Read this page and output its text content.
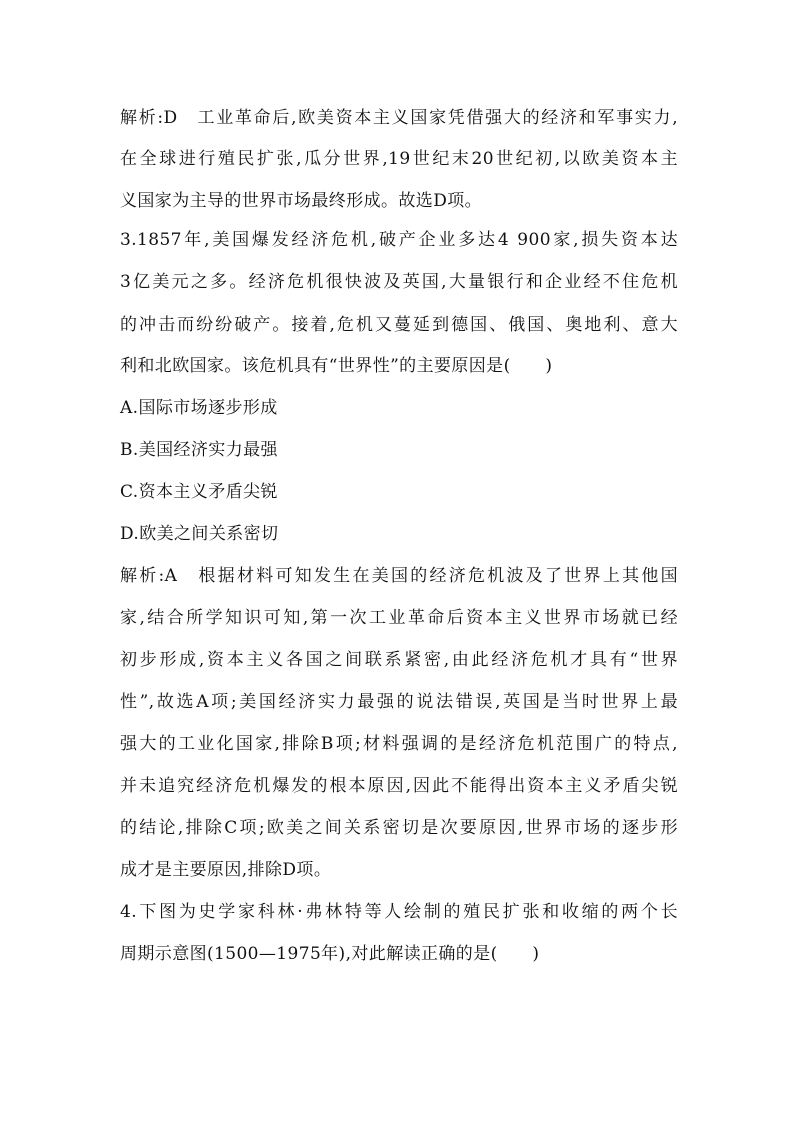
解析:D　工业革命后,欧美资本主义国家凭借强大的经济和军事实力,
在全球进行殖民扩张,瓜分世界,19世纪末20世纪初,以欧美资本主
义国家为主导的世界市场最终形成。故选D项。
3.1857年,美国爆发经济危机,破产企业多达4 900家,损失资本达
3亿美元之多。经济危机很快波及英国,大量银行和企业经不住危机
的冲击而纷纷破产。接着,危机又蔓延到德国、俄国、奥地利、意大
利和北欧国家。该危机具有“世界性”的主要原因是(　　)
A.国际市场逐步形成
B.美国经济实力最强
C.资本主义矛盾尖锐
D.欧美之间关系密切
解析:A　根据材料可知发生在美国的经济危机波及了世界上其他国
家,结合所学知识可知,第一次工业革命后资本主义世界市场就已经
初步形成,资本主义各国之间联系紧密,由此经济危机才具有“世界
性”,故选A项;美国经济实力最强的说法错误,英国是当时世界上最
强大的工业化国家,排除B项;材料强调的是经济危机范围广的特点,
并未追究经济危机爆发的根本原因,因此不能得出资本主义矛盾尖锐
的结论,排除C项;欧美之间关系密切是次要原因,世界市场的逐步形
成才是主要原因,排除D项。
4.下图为史学家科林·弗林特等人绘制的殖民扩张和收缩的两个长
周期示意图(1500—1975年),对此解读正确的是(　　)
